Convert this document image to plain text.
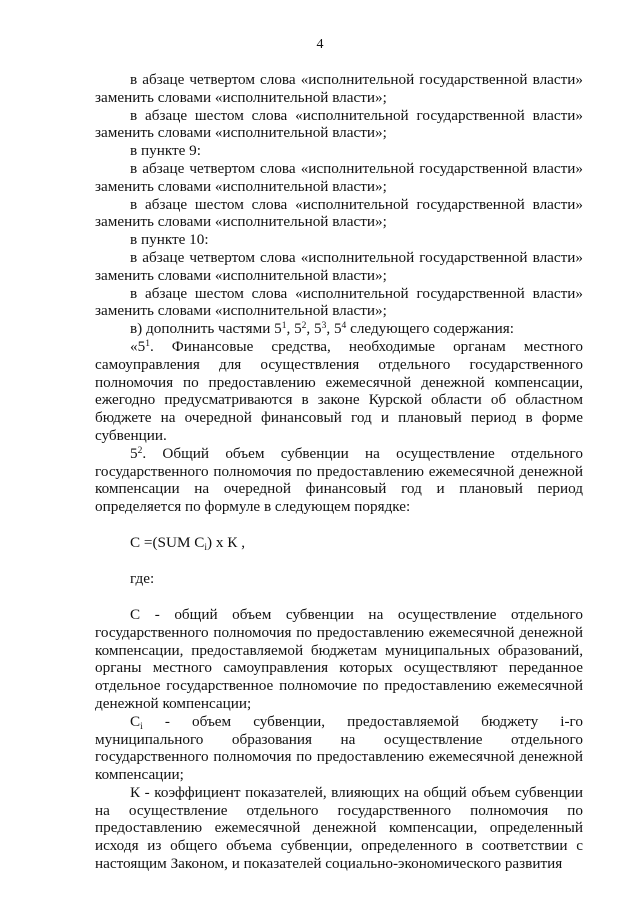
4

в абзаце четвертом слова «исполнительной государственной власти» заменить словами «исполнительной власти»;

в абзаце шестом слова «исполнительной государственной власти» заменить словами «исполнительной власти»;

в пункте 9:

в абзаце четвертом слова «исполнительной государственной власти» заменить словами «исполнительной власти»;

в абзаце шестом слова «исполнительной государственной власти» заменить словами «исполнительной власти»;

в пункте 10:

в абзаце четвертом слова «исполнительной государственной власти» заменить словами «исполнительной власти»;

в абзаце шестом слова «исполнительной государственной власти» заменить словами «исполнительной власти»;

в) дополнить частями $5^1$, $5^2$, $5^3$, $5^4$ следующего содержания:

«$5^1$. Финансовые средства, необходимые органам местного самоуправления для осуществления отдельного государственного полномочия по предоставлению ежемесячной денежной компенсации, ежегодно предусматриваются в законе Курской области об областном бюджете на очередной финансовый год и плановый период в форме субвенции.

$5^2$. Общий объем субвенции на осуществление отдельного государственного полномочия по предоставлению ежемесячной денежной компенсации на очередной финансовый год и плановый период определяется по формуле в следующем порядке:

С =(SUM $С_i$) х К ,

где:

С - общий объем субвенции на осуществление отдельного государственного полномочия по предоставлению ежемесячной денежной компенсации, предоставляемой бюджетам муниципальных образований, органы местного самоуправления которых осуществляют переданное отдельное государственное полномочие по предоставлению ежемесячной денежной компенсации;

$С_i$ - объем субвенции, предоставляемой бюджету i-го муниципального образования на осуществление отдельного государственного полномочия по предоставлению ежемесячной денежной компенсации;

К - коэффициент показателей, влияющих на общий объем субвенции на осуществление отдельного государственного полномочия по предоставлению ежемесячной денежной компенсации, определенный исходя из общего объема субвенции, определенного в соответствии с настоящим Законом, и показателей социально-экономического развития
